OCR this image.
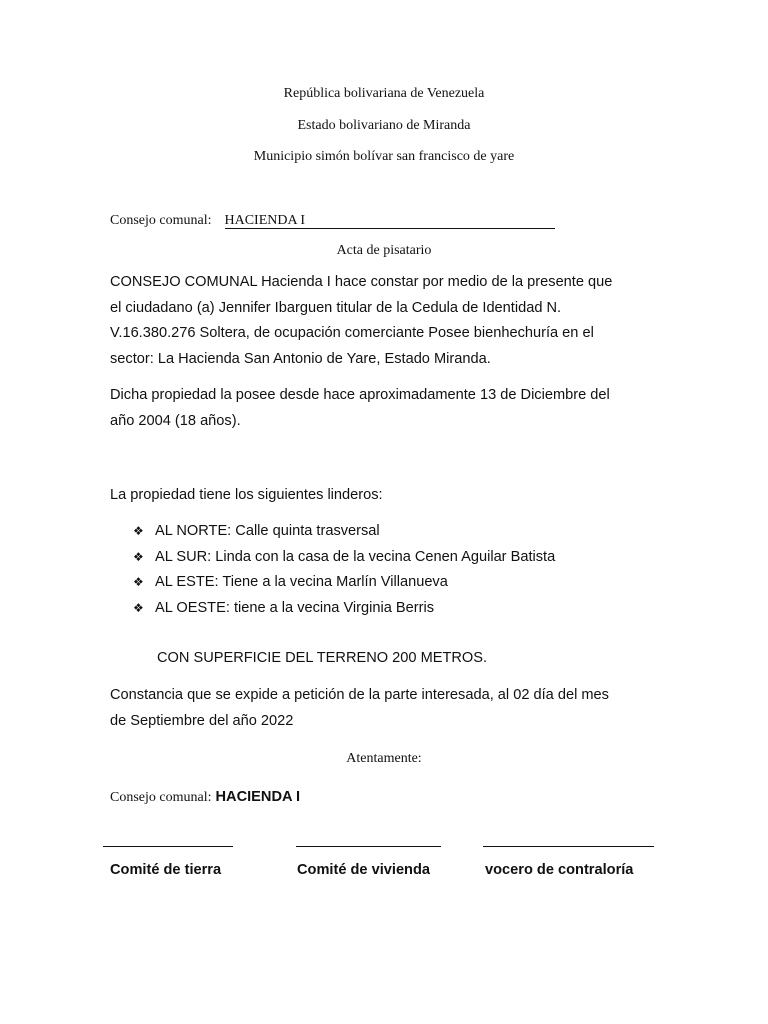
República bolivariana de Venezuela
Estado bolivariano de Miranda
Municipio simón bolívar san francisco de yare
Consejo comunal: HACIENDA I
Acta de pisatario
CONSEJO COMUNAL Hacienda I hace constar por medio de la presente que
el ciudadano (a) Jennifer Ibarguen titular de la Cedula de Identidad N.
V.16.380.276 Soltera, de ocupación comerciante Posee bienhechuría en el
sector: La Hacienda San Antonio de Yare, Estado Miranda.
Dicha propiedad la posee desde hace aproximadamente 13 de Diciembre del
año 2004 (18 años).
La propiedad tiene los siguientes linderos:
❖ AL NORTE: Calle quinta trasversal
❖ AL SUR: Linda con la casa de la vecina Cenen Aguilar Batista
❖ AL ESTE: Tiene a la vecina Marlín Villanueva
❖ AL OESTE: tiene a la vecina Virginia Berris
CON SUPERFICIE DEL TERRENO 200 METROS.
Constancia que se expide a petición de la parte interesada, al 02 día del mes
de Septiembre del año 2022
Atentamente:
Consejo comunal: HACIENDA I
Comité de tierra	Comité de vivienda	vocero de contraloría
